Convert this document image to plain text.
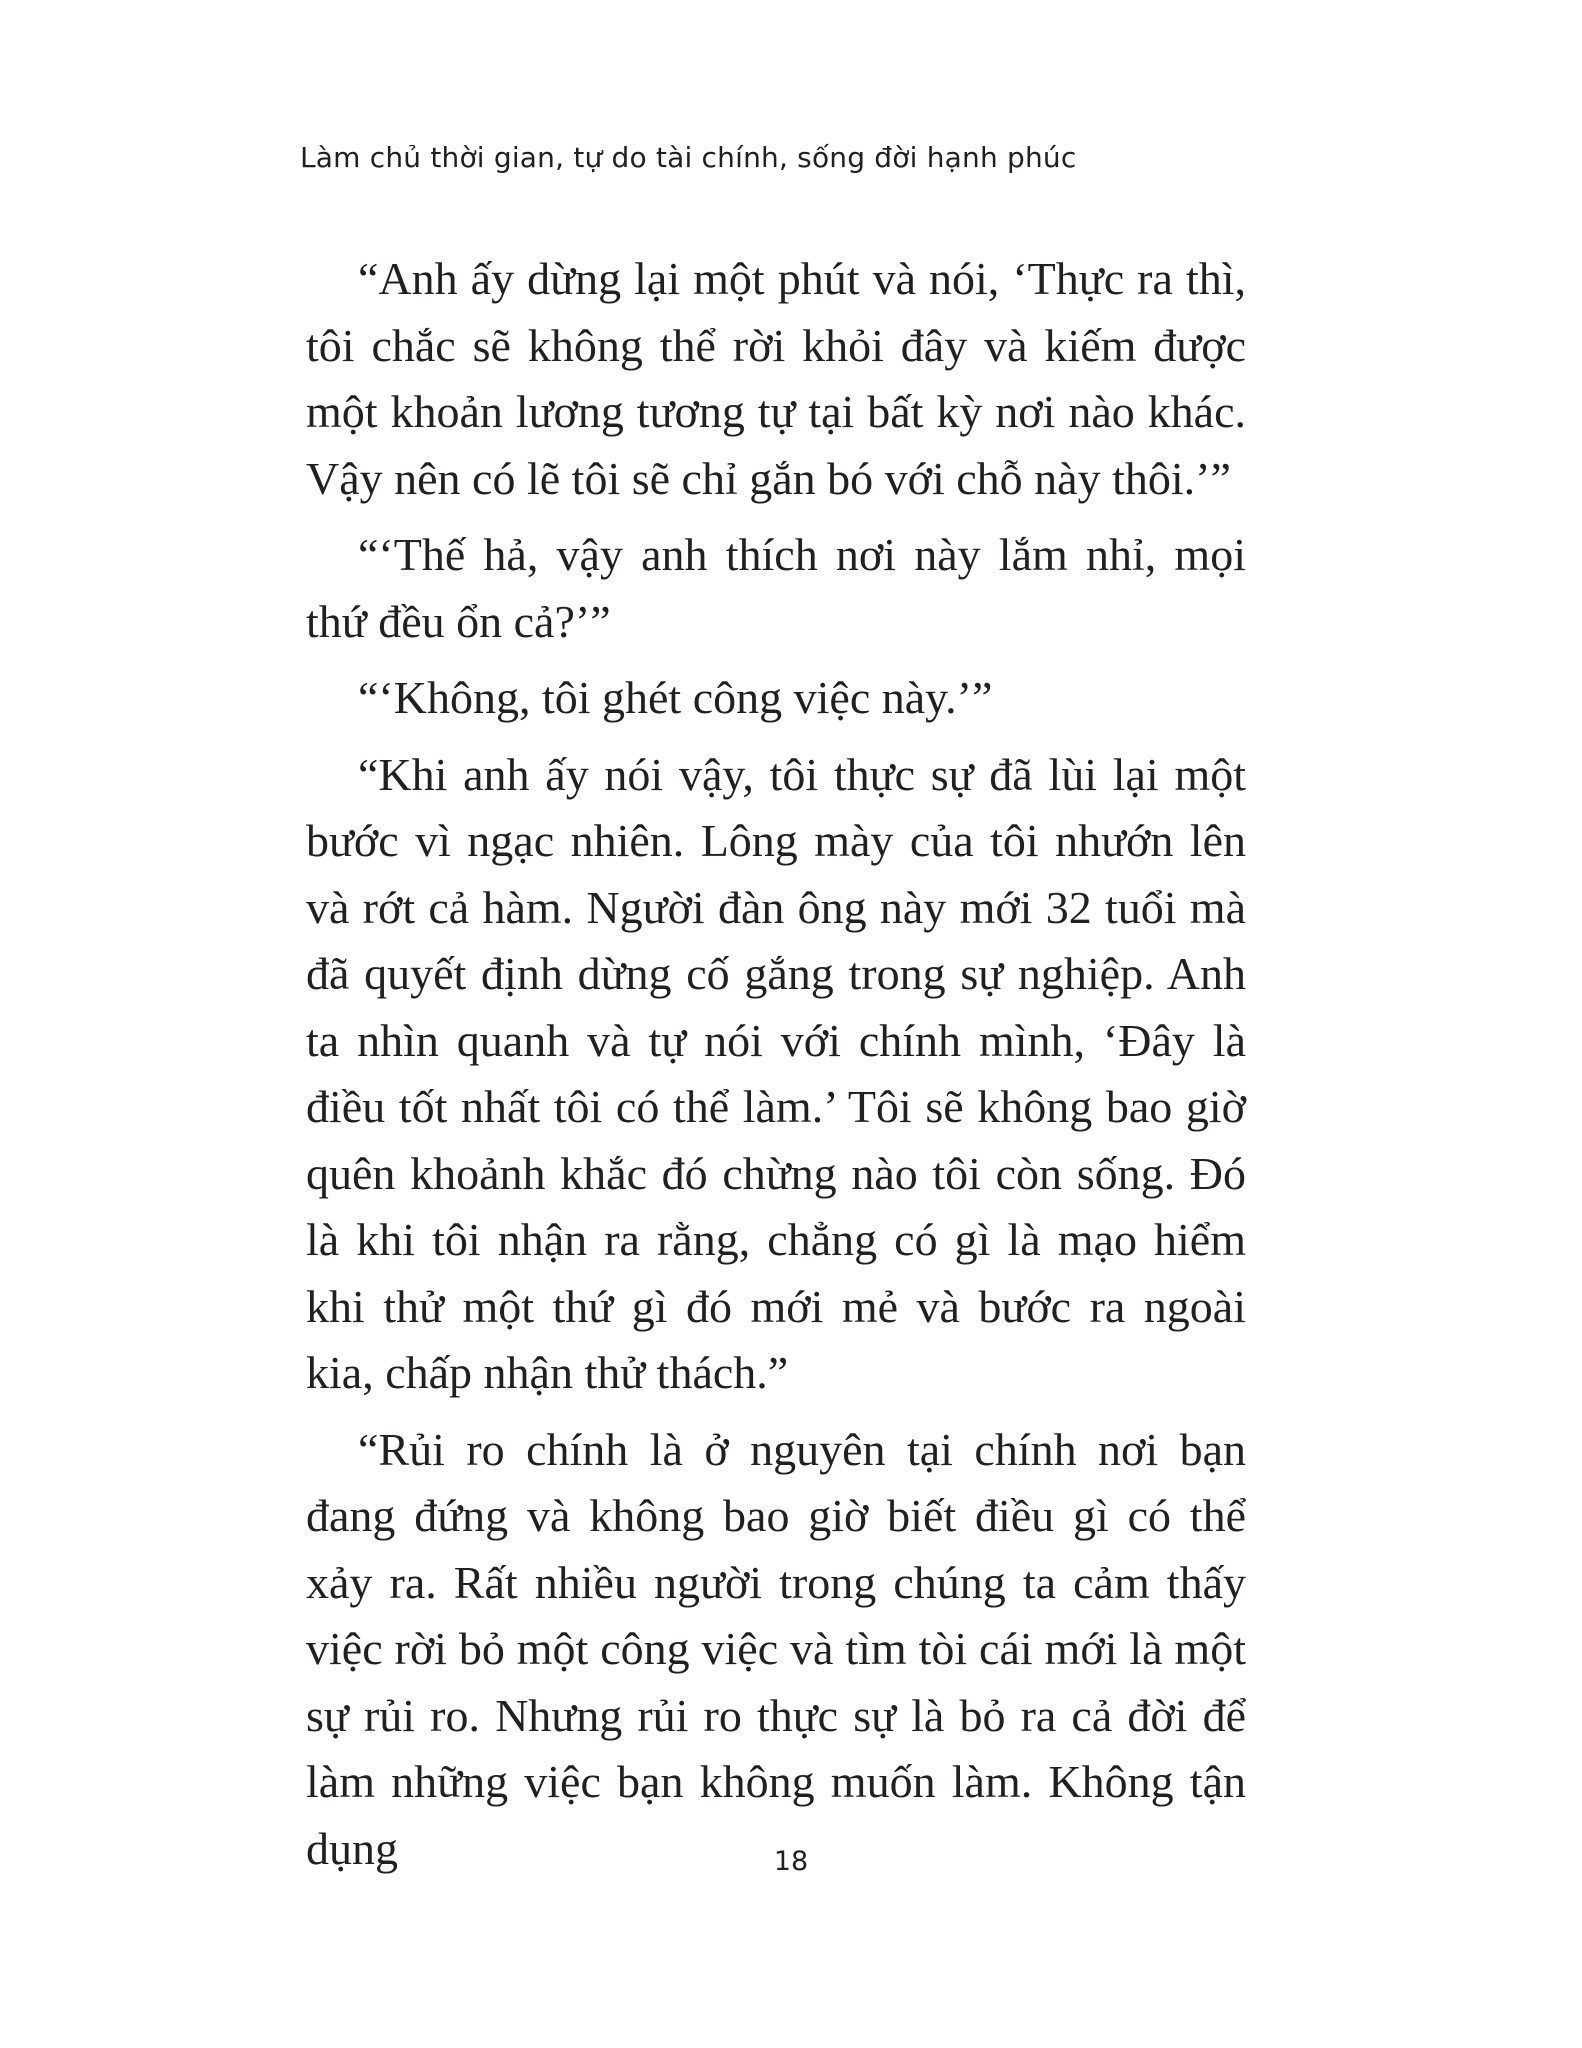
Làm chủ thời gian, tự do tài chính, sống đời hạnh phúc

“Anh ấy dừng lại một phút và nói, ‘Thực ra thì, tôi chắc sẽ không thể rời khỏi đây và kiếm được một khoản lương tương tự tại bất kỳ nơi nào khác. Vậy nên có lẽ tôi sẽ chỉ gắn bó với chỗ này thôi.’”

“‘Thế hả, vậy anh thích nơi này lắm nhỉ, mọi thứ đều ổn cả?’”

“‘Không, tôi ghét công việc này.’”

“Khi anh ấy nói vậy, tôi thực sự đã lùi lại một bước vì ngạc nhiên. Lông mày của tôi nhướn lên và rớt cả hàm. Người đàn ông này mới 32 tuổi mà đã quyết định dừng cố gắng trong sự nghiệp. Anh ta nhìn quanh và tự nói với chính mình, ‘Đây là điều tốt nhất tôi có thể làm.’ Tôi sẽ không bao giờ quên khoảnh khắc đó chừng nào tôi còn sống. Đó là khi tôi nhận ra rằng, chẳng có gì là mạo hiểm khi thử một thứ gì đó mới mẻ và bước ra ngoài kia, chấp nhận thử thách.”

“Rủi ro chính là ở nguyên tại chính nơi bạn đang đứng và không bao giờ biết điều gì có thể xảy ra. Rất nhiều người trong chúng ta cảm thấy việc rời bỏ một công việc và tìm tòi cái mới là một sự rủi ro. Nhưng rủi ro thực sự là bỏ ra cả đời để làm những việc bạn không muốn làm. Không tận dụng	18
